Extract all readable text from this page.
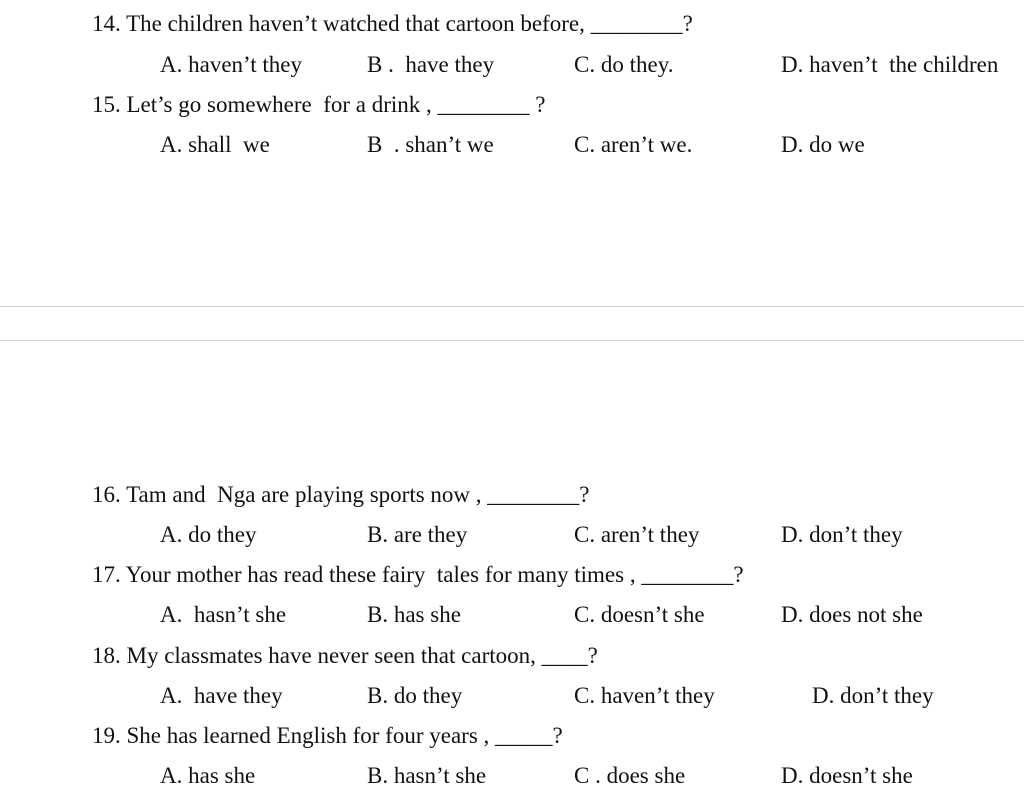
14. The children haven’t watched that cartoon before, ________?
A. haven’t they	B .  have they	C. do they.	D. haven’t  the children
15. Let’s go somewhere  for a drink , ________ ?
A. shall  we	B  . shan’t we	C. aren’t we.	D. do we
16. Tam and  Nga are playing sports now , ________?
A. do they	B. are they	C. aren’t they	D. don’t they
17. Your mother has read these fairy  tales for many times , ________?
A.  hasn’t she	B. has she	C. doesn’t she	D. does not she
18. My classmates have never seen that cartoon, ____?
A.  have they	B. do they	C. haven’t they	D. don’t they
19. She has learned English for four years , _____?
A. has she	B. hasn’t she	C . does she	D. doesn’t she
